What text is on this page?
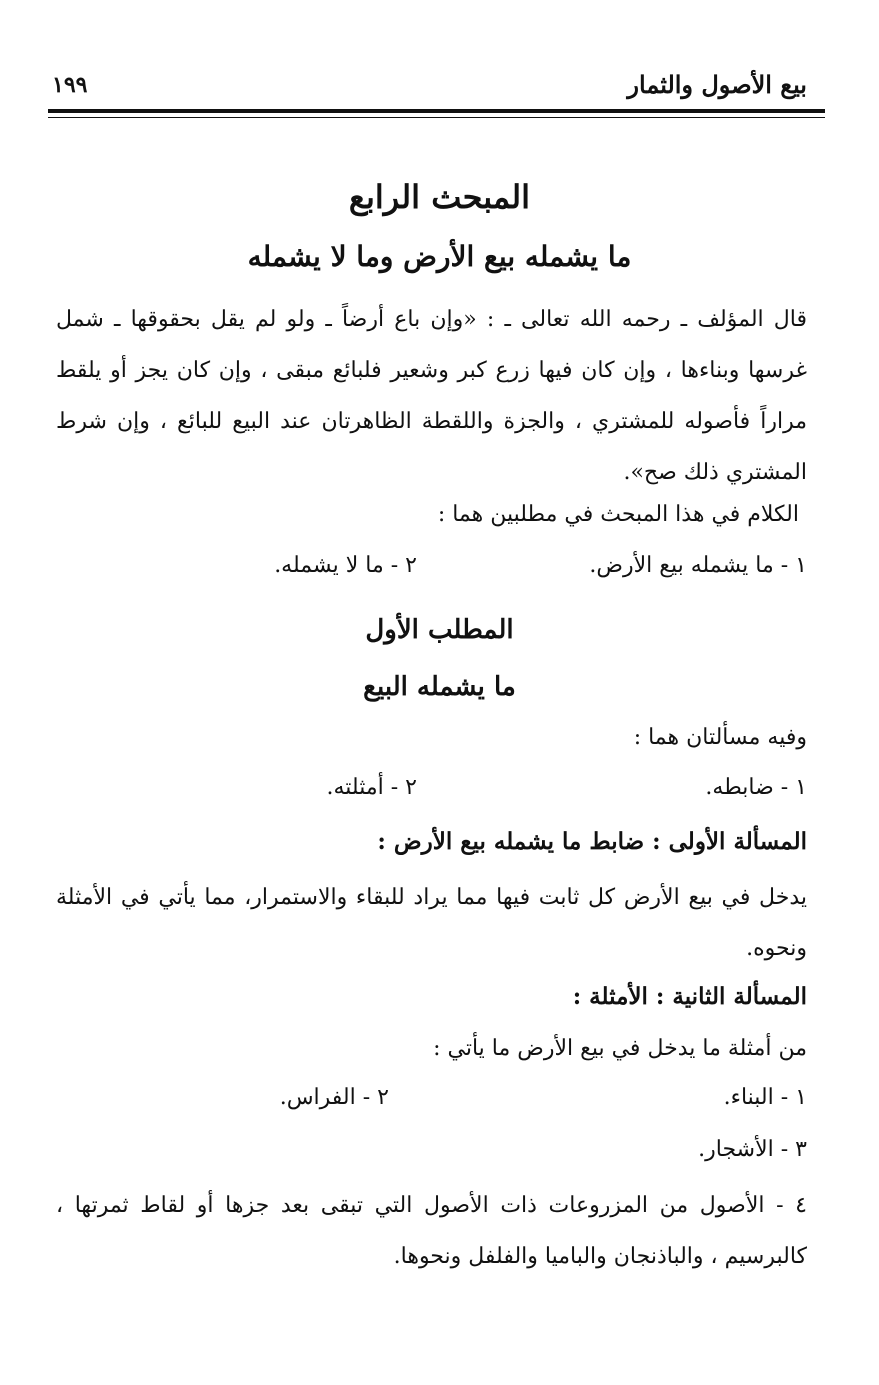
بيع الأصول والثمار
١٩٩
المبحث الرابع
ما يشمله بيع الأرض وما لا يشمله
قال المؤلف ـ رحمه الله تعالى ـ : «وإن باع أرضاً ـ ولو لم يقل بحقوقها ـ شمل غرسها وبناءها ، وإن كان فيها زرع كبر وشعير فلبائع مبقى ، وإن كان يجز أو يلقط مراراً فأصوله للمشتري ، والجزة واللقطة الظاهرتان عند البيع للبائع ، وإن شرط المشتري ذلك صح».
الكلام في هذا المبحث في مطلبين هما :
١ - ما يشمله بيع الأرض.
٢ - ما لا يشمله.
المطلب الأول
ما يشمله البيع
وفيه مسألتان هما :
١ - ضابطه.
٢ - أمثلته.
المسألة الأولى : ضابط ما يشمله بيع الأرض :
يدخل في بيع الأرض كل ثابت فيها مما يراد للبقاء والاستمرار، مما يأتي في الأمثلة ونحوه.
المسألة الثانية : الأمثلة :
من أمثلة ما يدخل في بيع الأرض ما يأتي :
١ - البناء.
٢ - الفراس.
٣ - الأشجار.
٤ - الأصول من المزروعات ذات الأصول التي تبقى بعد جزها أو لقاط ثمرتها ، كالبرسيم ، والباذنجان والباميا والفلفل ونحوها.
